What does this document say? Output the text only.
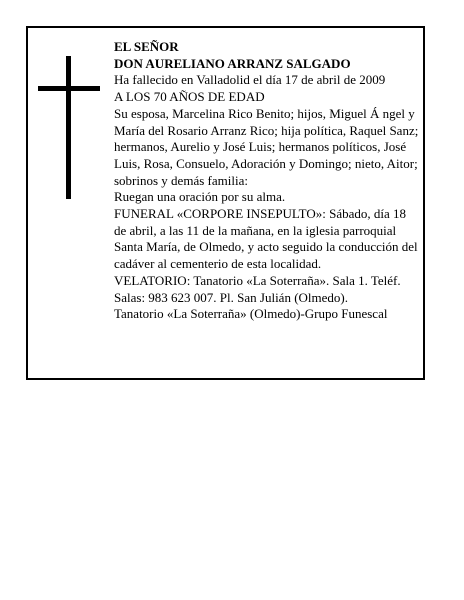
EL SEÑOR

DON AURELIANO ARRANZ SALGADO

Ha fallecido en Valladolid el día 17 de abril de 2009

A LOS 70 AÑOS DE EDAD

Su esposa, Marcelina Rico Benito; hijos, Miguel Á ngel y María del Rosario Arranz Rico; hija política, Raquel Sanz; hermanos, Aurelio y José Luis; hermanos políticos, José Luis, Rosa, Consuelo, Adoración y Domingo; nieto, Aitor; sobrinos y demás familia:

Ruegan una oración por su alma.

FUNERAL «CORPORE INSEPULTO»: Sábado, día 18 de abril, a las 11 de la mañana, en la iglesia parroquial Santa María, de Olmedo, y acto seguido la conducción del cadáver al cementerio de esta localidad.

VELATORIO: Tanatorio «La Soterraña». Sala 1. Teléf. Salas: 983 623 007. Pl. San Julián (Olmedo).

Tanatorio «La Soterraña» (Olmedo)-Grupo Funescal
